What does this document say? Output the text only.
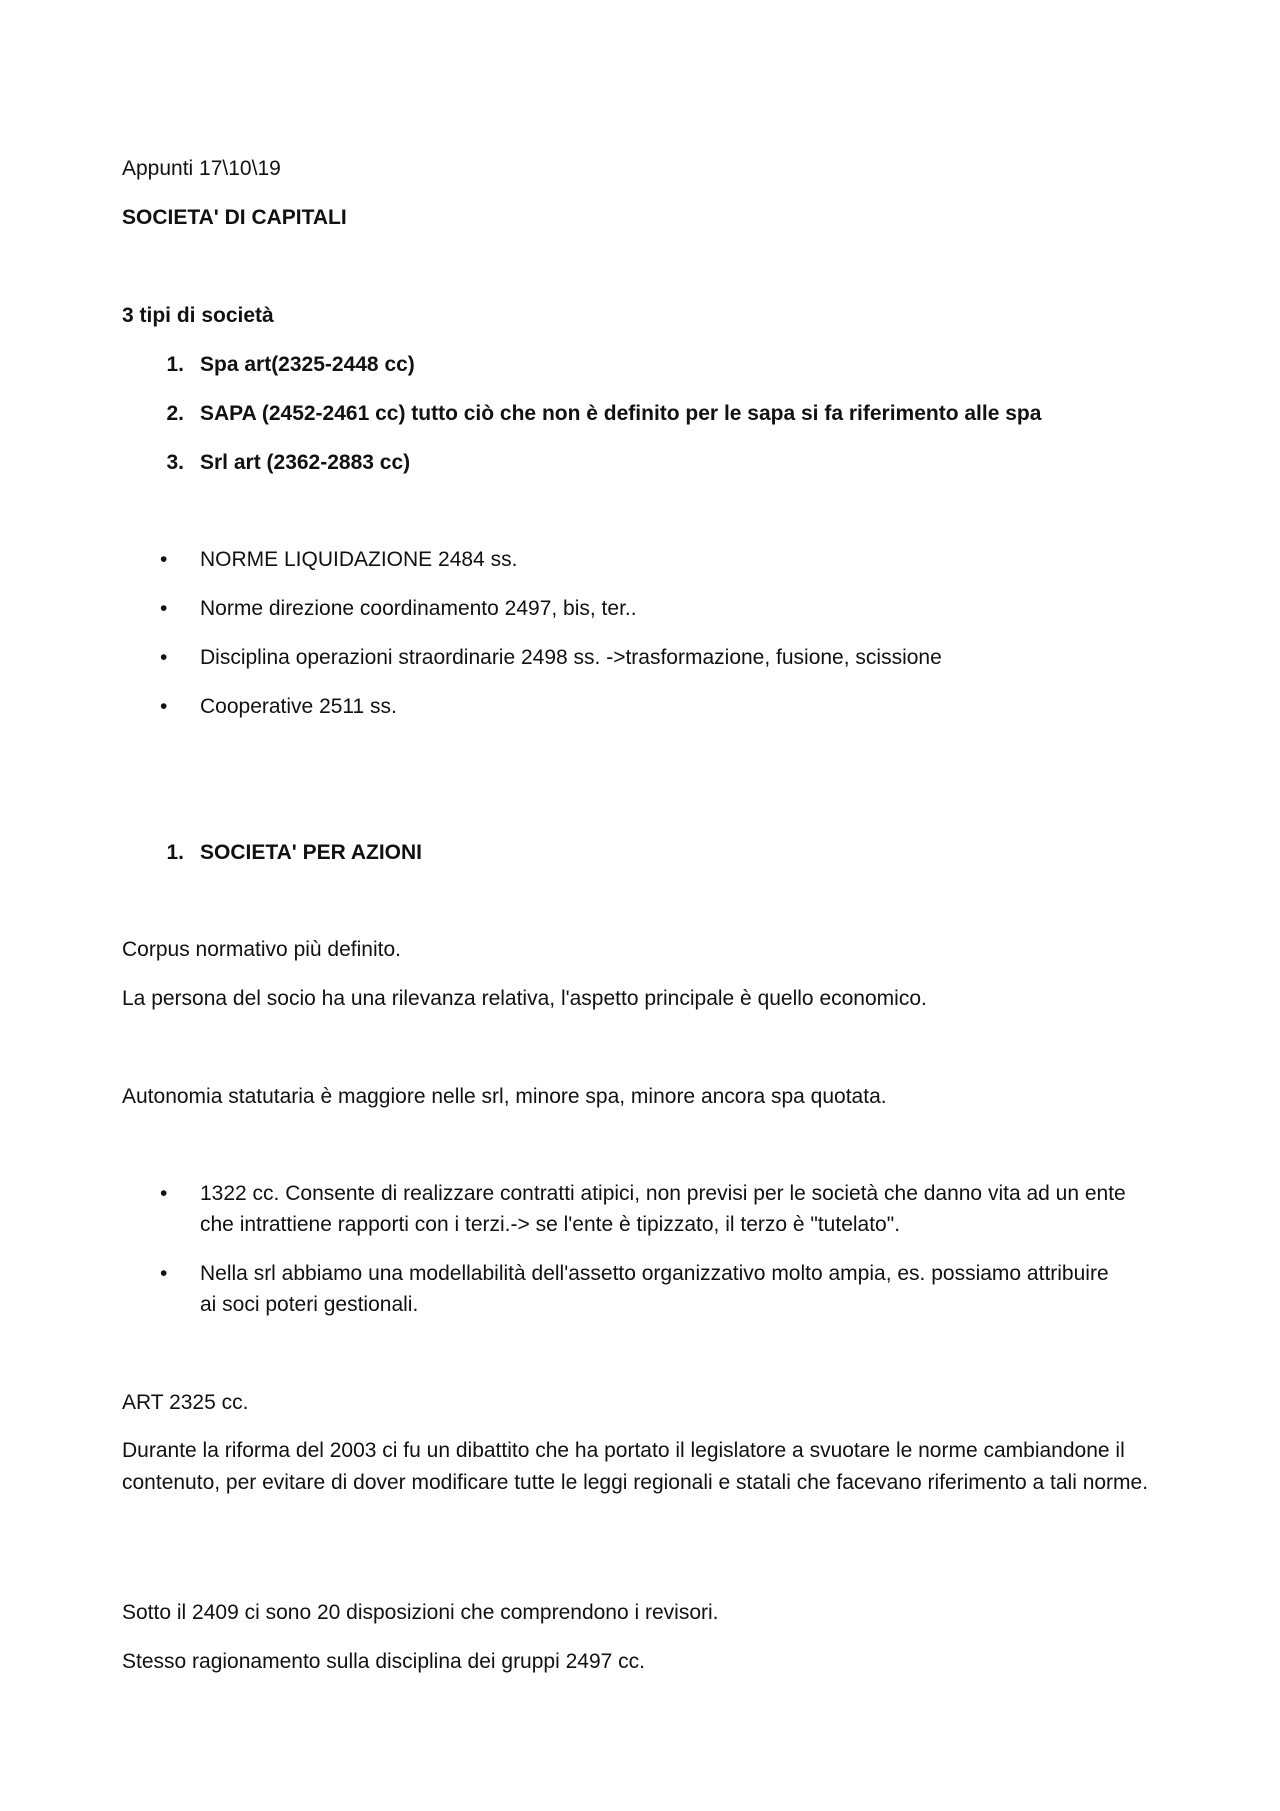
Appunti 17\10\19
SOCIETA' DI CAPITALI
3 tipi di società
1. Spa art(2325-2448 cc)
2. SAPA (2452-2461 cc) tutto ciò che non è definito per le sapa si fa riferimento alle spa
3. Srl art (2362-2883 cc)
•	NORME LIQUIDAZIONE 2484 ss.
•	Norme direzione coordinamento 2497, bis, ter..
•	Disciplina operazioni straordinarie 2498 ss. ->trasformazione, fusione, scissione
•	Cooperative 2511 ss.
1. SOCIETA' PER AZIONI
Corpus normativo più definito.
La persona del socio ha una rilevanza relativa, l'aspetto principale è quello economico.
Autonomia statutaria è maggiore nelle srl, minore spa, minore ancora spa quotata.
•	1322 cc. Consente di realizzare contratti atipici, non previsi per le società che danno vita ad un ente
che intrattiene rapporti con i terzi.-> se l'ente è tipizzato, il terzo è "tutelato".
•	Nella srl abbiamo una modellabilità dell'assetto organizzativo molto ampia, es. possiamo attribuire
ai soci poteri gestionali.
ART 2325 cc.
Durante la riforma del 2003 ci fu un dibattito che ha portato il legislatore a svuotare le norme cambiandone il contenuto, per evitare di dover modificare tutte le leggi regionali e statali che facevano riferimento a tali norme.
Sotto il 2409 ci sono 20 disposizioni che comprendono i revisori.
Stesso ragionamento sulla disciplina dei gruppi 2497 cc.
